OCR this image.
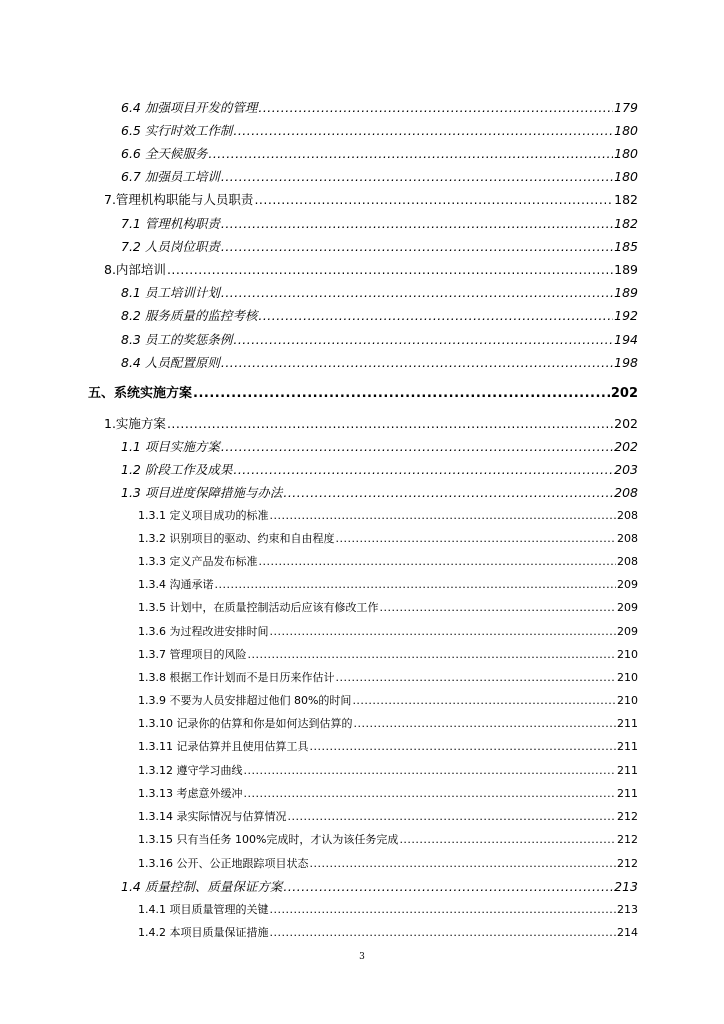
6.4 加强项目开发的管理 .....	179
6.5 实行时效工作制 .....	180
6.6 全天候服务 .....	180
6.7 加强员工培训 .....	180
7.管理机构职能与人员职责 .....	182
7.1 管理机构职责 .....	182
7.2 人员岗位职责 .....	185
8.内部培训 .....	189
8.1 员工培训计划 .....	189
8.2 服务质量的监控考核 .....	192
8.3 员工的奖惩条例 .....	194
8.4 人员配置原则 .....	198
五、系统实施方案 .....	202
1.实施方案 .....	202
1.1 项目实施方案 .....	202
1.2 阶段工作及成果 .....	203
1.3 项目进度保障措施与办法 .....	208
1.3.1 定义项目成功的标准 .....	208
1.3.2 识别项目的驱动、约束和自由程度 .....	208
1.3.3 定义产品发布标准 .....	208
1.3.4 沟通承诺 .....	209
1.3.5 计划中，在质量控制活动后应该有修改工作 .....	209
1.3.6 为过程改进安排时间 .....	209
1.3.7 管理项目的风险 .....	210
1.3.8 根据工作计划而不是日历来作估计 .....	210
1.3.9 不要为人员安排超过他们 80%的时间 .....	210
1.3.10 记录你的估算和你是如何达到估算的 .....	211
1.3.11 记录估算并且使用估算工具 .....	211
1.3.12 遵守学习曲线 .....	211
1.3.13 考虑意外缓冲 .....	211
1.3.14 录实际情况与估算情况 .....	212
1.3.15 只有当任务 100%完成时，才认为该任务完成 .....	212
1.3.16 公开、公正地跟踪项目状态 .....	212
1.4 质量控制、质量保证方案 .....	213
1.4.1 项目质量管理的关键 .....	213
1.4.2 本项目质量保证措施 .....	214
3
